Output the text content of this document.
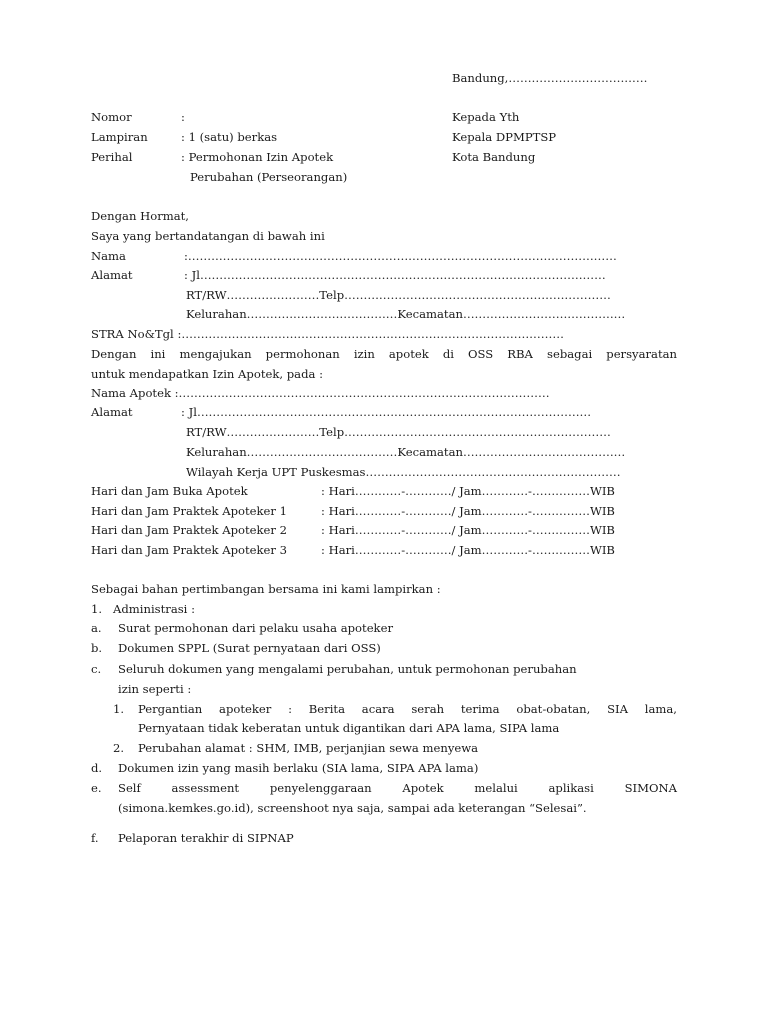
Bandung,………………………………
Nomor	:	Kepada Yth
Lampiran	: 1 (satu) berkas	Kepala DPMPTSP
Perihal	: Permohonan Izin Apotek	Kota Bandung
Perubahan (Perseorangan)
Dengan Hormat,
Saya yang bertandatangan di bawah ini
Nama	:…………………………………………………………………………………………………
Alamat	: Jl……………………………………………………………………………………………
RT/RW……………………Telp……………………………………………………………
Kelurahan…………………………………Kecamatan……………………………………
STRA No&Tgl :………………………………………………………………………………………
Dengan ini mengajukan permohonan izin apotek di OSS RBA sebagai persyaratan
untuk mendapatkan Izin Apotek, pada :
Nama Apotek :……………………………………………………………………………………
Alamat	: Jl…………………………………………………………………………………………
RT/RW……………………Telp……………………………………………………………
Kelurahan…………………………………Kecamatan……………………………………
Wilayah Kerja UPT Puskesmas…………………………………………………………
Hari dan Jam Buka Apotek	: Hari…………-…………/ Jam…………-……………WIB
Hari dan Jam Praktek Apoteker 1	: Hari…………-…………/ Jam…………-……………WIB
Hari dan Jam Praktek Apoteker 2	: Hari…………-…………/ Jam…………-……………WIB
Hari dan Jam Praktek Apoteker 3	: Hari…………-…………/ Jam…………-……………WIB
Sebagai bahan pertimbangan bersama ini kami lampirkan :
1. Administrasi :
a. Surat permohonan dari pelaku usaha apoteker
b. Dokumen SPPL (Surat pernyataan dari OSS)
c. Seluruh dokumen yang mengalami perubahan, untuk permohonan perubahan
izin seperti :
1. Pergantian apoteker : Berita acara serah terima obat-obatan, SIA lama,
Pernyataan tidak keberatan untuk digantikan dari APA lama, SIPA lama
2. Perubahan alamat : SHM, IMB, perjanjian sewa menyewa
d. Dokumen izin yang masih berlaku (SIA lama, SIPA APA lama)
e. Self assessment penyelenggaraan Apotek melalui aplikasi SIMONA
(simona.kemkes.go.id), screenshoot nya saja, sampai ada keterangan “Selesai”.
f. Pelaporan terakhir di SIPNAP
